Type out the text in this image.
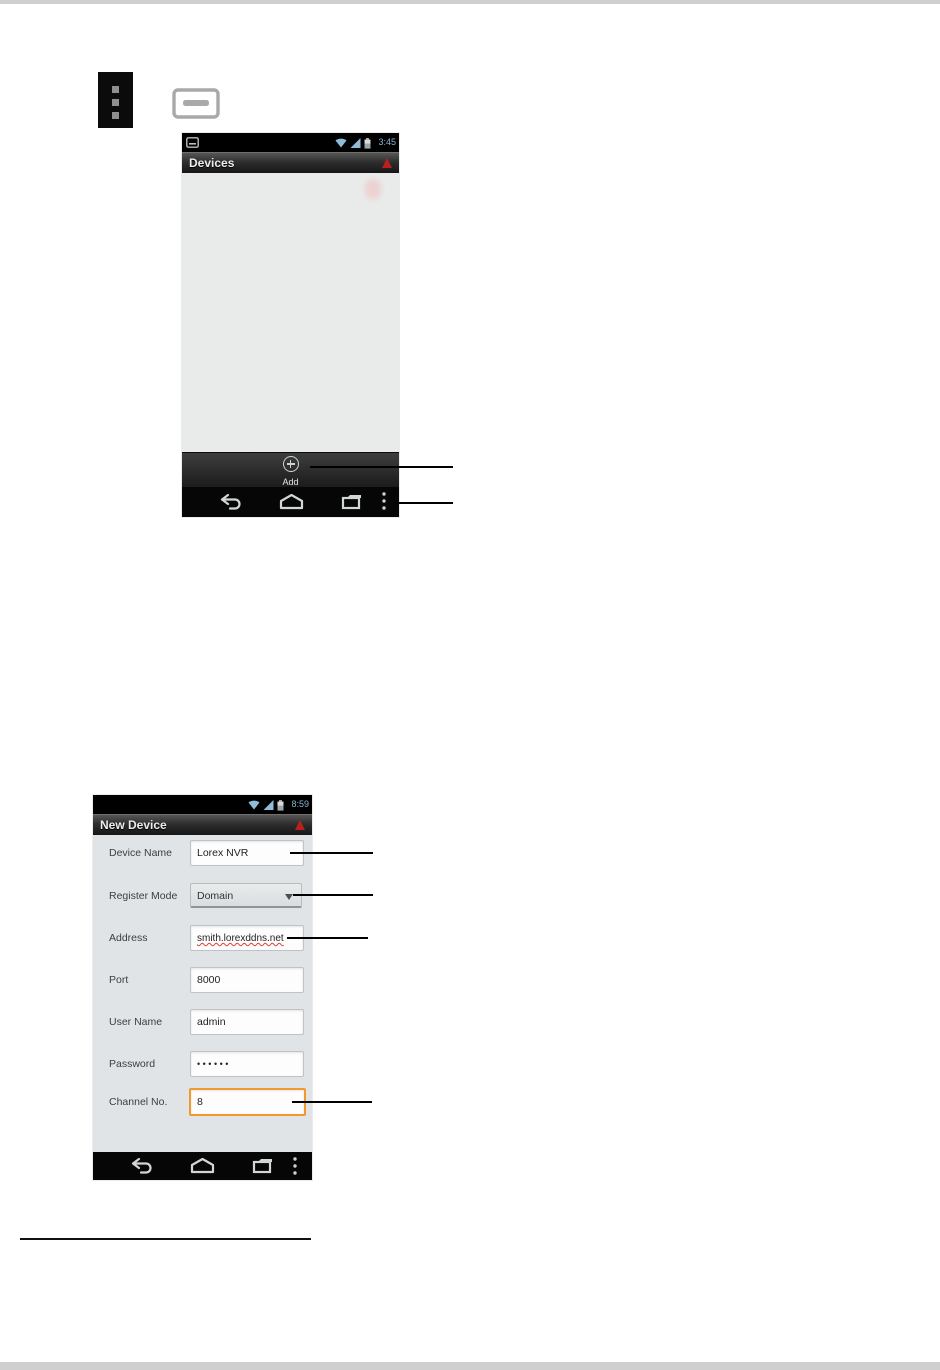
3:45
Devices
Add
8:59
New Device
Device Name	Lorex NVR
Register Mode	Domain
Address	smith.lorexddns.net
Port	8000
User Name	admin
Password	••••••
Channel No.	8
